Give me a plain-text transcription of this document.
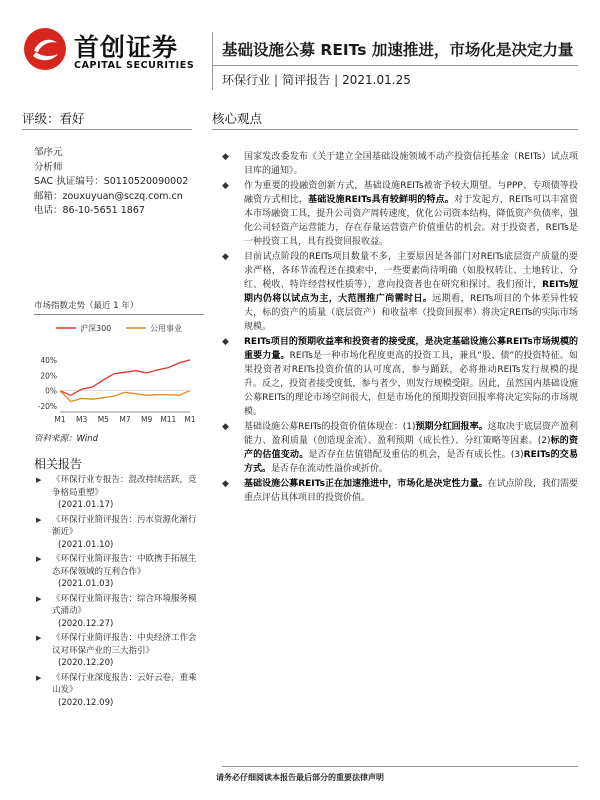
首创证券
CAPITAL SECURITIES
基础设施公募 REITs 加速推进，市场化是决定力量
环保行业 | 简评报告 | 2021.01.25
评级：看好	核心观点
邹序元
分析师
SAC 执证编号：S0110520090002
邮箱：zouxuyuan@sczq.com.cn
电话：86-10-5651 1867
市场指数走势（最近 1 年）
沪深300	公用事业
40%
20%
0%
-20%
M1 M3 M5 M7 M9 M11 M1
资料来源：Wind
相关报告
▶ 《环保行业专报告：混改持续活跃，竞争格局重塑》
(2021.01.17)
▶ 《环保行业简评报告：污水资源化渐行渐近》
(2021.01.10)
▶ 《环保行业简评报告：中欧携手拓展生态环保领域的互利合作》
(2021.01.03)
▶ 《环保行业简评报告：综合环境服务模式涌动》
(2020.12.27)
▶ 《环保行业简评报告：中央经济工作会议对环保产业的三大指引》
(2020.12.20)
▶ 《环保行业深度报告：云好云卷，重乘山发》
(2020.12.09)
◆ 国家发改委发布《关于建立全国基础设施领域不动产投资信托基金（REITs）试点项目库的通知》。
◆ 作为重要的投融资创新方式，基础设施REITs被寄予较大期望。与PPP、专项债等投融资方式相比，基础设施REITs具有较鲜明的特点。对于发起方，REITs可以丰富资本市场融资工具，提升公司资产周转速度，优化公司资本结构，降低资产负债率，强化公司轻资产运营能力，存在存量运营资产价值重估的机会。对于投资者，REITs是一种投资工具，具有投资回报收益。
◆ 目前试点阶段的REITs项目数量不多，主要原因是各部门对REITs底层资产质量的要求严格，各环节流程还在摸索中，一些要素尚待明确（如股权转让、土地转让、分红、税收、特许经营权性质等），意向投资者也在研究和探讨。我们预计，REITs短期内仍将以试点为主，大范围推广尚需时日。远期看，REITs项目的个体差异性较大，标的资产的质量（底层资产）和收益率（投资回报率）将决定REITs的实际市场规模。
◆ REITs项目的预期收益率和投资者的接受度，是决定基础设施公募REITs市场规模的重要力量。REITs是一种市场化程度更高的投资工具，兼具“股、债”的投资特征。如果投资者对REITs投资价值的认可度高，参与踊跃，必将推动REITs发行规模的提升。反之，投资者接受度低，参与者少，则发行规模受限。因此，虽然国内基础设施公募REITs的理论市场空间很大，但是市场化的预期投资回报率将决定实际的市场规模。
◆ 基础设施公募REITs的投资价值体现在：(1)预期分红回报率。这取决于底层资产盈利能力、盈利质量（创造现金流）、盈利预期（成长性）、分红策略等因素。(2)标的资产的估值变动。是否存在估值错配及重估的机会，是否有成长性。(3)REITs的交易方式。是否存在流动性溢价或折价。
◆ 基础设施公募REITs正在加速推进中，市场化是决定性力量。在试点阶段，我们需要重点评估具体项目的投资价值。
请务必仔细阅读本报告最后部分的重要法律声明
